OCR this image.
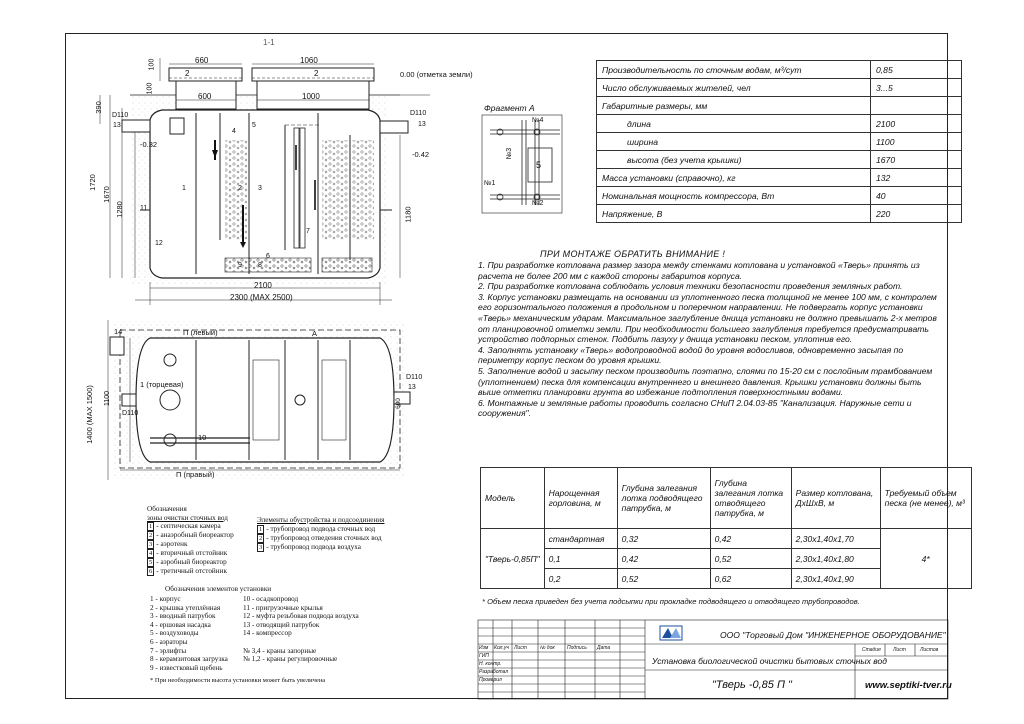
1-1
660	1060
2	2
600	1000
100
100
390
1720
1670
1280	1180
0.00 (отметка земли)
-0.32
-0.42
D110	D110
13	13
2100
2300 (MAX 2500)
1	2 3
4
5
6
7
8
9
11
12
П (левый)
П (правый)
1 (торцевая)
A
14
10
D110
13
600
D110
1100
1400 (MAX 1500)
Фрагмент А
№4
№3
№1
№2
5
Производительность по сточным водам, м³/сут	0,85
Число обслуживаемых жителей, чел	3...5
Габаритные размеры, мм	
длина	2100
ширина	1100
высота (без учета крышки)	1670
Масса установки (справочно), кг	132
Номинальная мощность компрессора, Вт	40
Напряжение, В	220
ПРИ МОНТАЖЕ ОБРАТИТЬ ВНИМАНИЕ !

1. При разработке котлована размер зазора между стенками котлована и установкой «Тверь» принять из расчета не более 200 мм с каждой стороны габаритов корпуса.

2. При разработке котлована соблюдать условия техники безопасности проведения земляных работ.

3. Корпус установки размещать на основании из уплотненного песка толщиной не менее 100 мм, с контролем его горизонтального положения в продольном и поперечном направлении. Не подвергать корпус установки «Тверь» механическим ударам. Максимальное заглубление днища установки не должно превышать 2-х метров от планировочной отметки земли. При необходимости большего заглубления требуется предусматривать устройство подпорных стенок. Подбить пазуху у днища установки песком, уплотнив его.

4. Заполнять установку «Тверь» водопроводной водой до уровня водосливов, одновременно засыпая по периметру корпус песком до уровня крышки.

5. Заполнение водой и засыпку песком производить поэтапно, слоями по 15-20 см с послойным трамбованием (уплотнением) песка для компенсации внутреннего и внешнего давления. Крышки установки должны быть выше отметки планировки грунта во избежание подтопления поверхностными водами.

6. Монтажные и земляные работы проводить согласно СНиП 2.04.03-85 "Канализация. Наружные сети и сооружения".

Модель	Нарощенная горловина, м	Глубина залегания лотка подводящего патрубка, м	Глубина залегания лотка отводящего патрубка, м	Размер котлована, ДхШхВ, м	Требуемый объем песка (не менее), м³
"Тверь-0,85П"	стандартная	0,32	0,42	2,30х1,40х1,70	4*
	0,1	0,42	0,52	2,30х1,40х1,80	
	0,2	0,52	0,62	2,30х1,40х1,90	
* Объем песка приведен без учета подсыпки при прокладке подводящего и отводящего трубопроводов.
Обозначения
зоны очистки сточных вод
1 - септическая камера
2 - анаэробный биореактор
3 - аэротенк
4 - вторичный отстойник
5 - аэробный биореактор
6 - третичный отстойник
Элементы обустройства и подсоединения
1 - трубопровод подвода сточных вод
2 - трубопровод отведения сточных вод
3 - трубопровод подвода воздуха
Обозначения элементов установки
1 - корпус
2 - крышка утеплённая
3 - вводный патрубок
4 - ершовая насадка
5 - воздуховоды
6 - аэраторы
7 - эрлифты
8 - керамзитовая загрузка
9 - известковый щебень
10 - осадкопровод
11 - пригрузочные крылья
12 - муфта резьбовая подвода воздуха
13 - отводящий патрубок
14 - компрессор
№ 3,4 - краны запорные
№ 1,2 - краны регулировочные
* При необходимости высота установки может быть увеличена
ООО "Торговый Дом "ИНЖЕНЕРНОЕ ОБОРУДОВАНИЕ"
Установка биологической очистки бытовых сточных вод
"Тверь -0,85 П "	www.septiki-tver.ru
Изм Кол.уч Лист	№ док Подпись Дата
ГИП
Н. контр.
Разработал
Проверил
Стадия Лист	Листов
